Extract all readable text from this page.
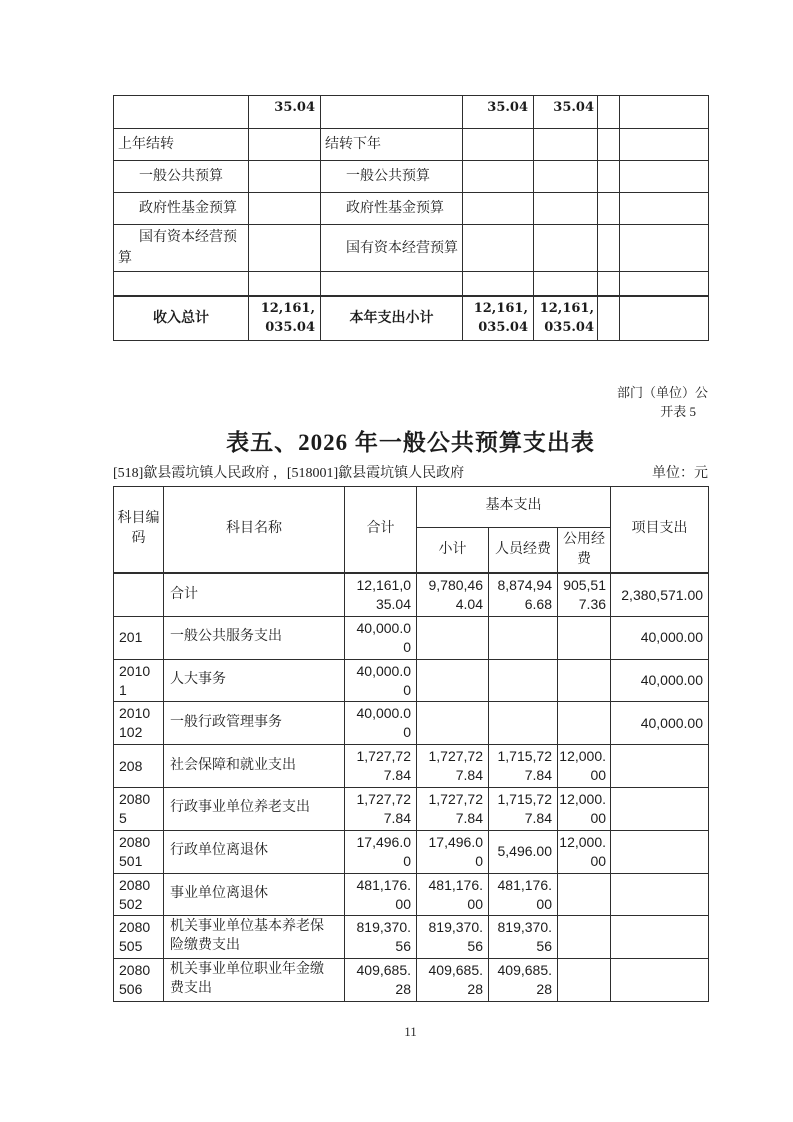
	35.04		35.04	35.04		
上年结转		结转下年				
一般公共预算		一般公共预算				
政府性基金预算		政府性基金预算				
国有资本经营预算		国有资本经营预算				

收入总计	12,161,035.04	本年支出小计	12,161,035.04	12,161,035.04		
部门（单位）公
开表 5
表五、2026 年一般公共预算支出表
[518]歙县霞坑镇人民政府 ，[518001]歙县霞坑镇人民政府	单位：元
科目编码	科目名称	合计	基本支出			项目支出
			小计	人员经费	公用经费	
	合计	12,161,035.04	9,780,464.04	8,874,946.68	905,517.36	2,380,571.00
201	一般公共服务支出	40,000.00				40,000.00
20101	人大事务	40,000.00				40,000.00
2010102	一般行政管理事务	40,000.00				40,000.00
208	社会保障和就业支出	1,727,727.84	1,727,727.84	1,715,727.84	12,000.00	
20805	行政事业单位养老支出	1,727,727.84	1,727,727.84	1,715,727.84	12,000.00	
2080501	行政单位离退休	17,496.00	17,496.00	5,496.00	12,000.00	
2080502	事业单位离退休	481,176.00	481,176.00	481,176.00		
2080505	机关事业单位基本养老保险缴费支出	819,370.56	819,370.56	819,370.56		
2080506	机关事业单位职业年金缴费支出	409,685.28	409,685.28	409,685.28		
11
